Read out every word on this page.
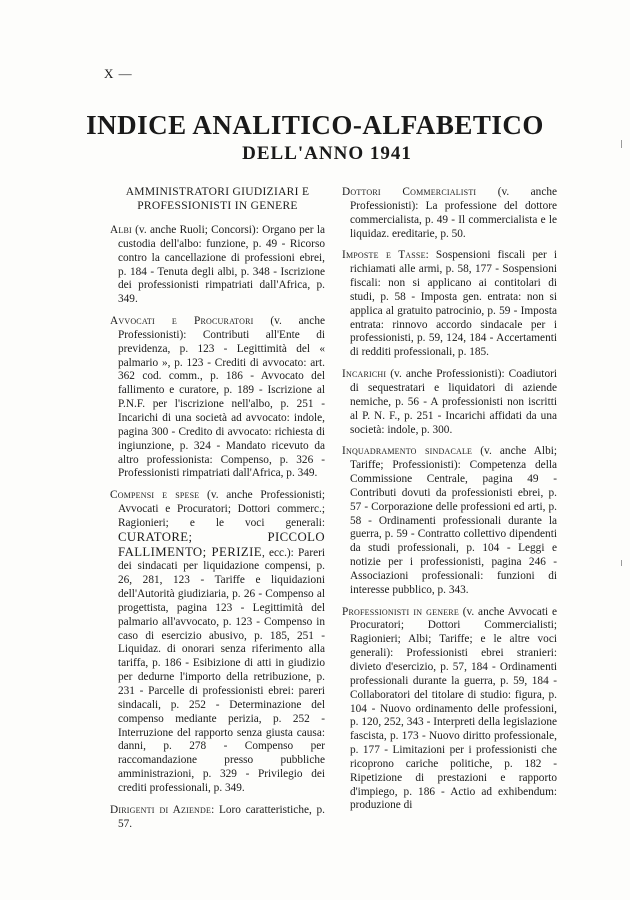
X —
INDICE ANALITICO-ALFABETICO
DELL'ANNO 1941
AMMINISTRATORI GIUDIZIARI E PROFESSIONISTI IN GENERE

Albi (v. anche Ruoli; Concorsi): Organo per la custodia dell'albo: funzione, p. 49 - Ricorso contro la cancellazione di professioni ebrei, p. 184 - Tenuta degli albi, p. 348 - Iscrizione dei professionisti rimpatriati dall'Africa, p. 349.

Avvocati e Procuratori (v. anche Professionisti): Contributi all'Ente di previdenza, p. 123 - Legittimità del « palmario », p. 123 - Crediti di avvocato: art. 362 cod. comm., p. 186 - Avvocato del fallimento e curatore, p. 189 - Iscrizione al P.N.F. per l'iscrizione nell'albo, p. 251 - Incarichi di una società ad avvocato: indole, pagina 300 - Credito di avvocato: richiesta di ingiunzione, p. 324 - Mandato ricevuto da altro professionista: Compenso, p. 326 - Professionisti rimpatriati dall'Africa, p. 349.

Compensi e spese (v. anche Professionisti; Avvocati e Procuratori; Dottori commerc.; Ragionieri; e le voci generali: CURATORE; PICCOLO FALLIMENTO; PERIZIE, ecc.): Pareri dei sindacati per liquidazione compensi, p. 26, 281, 123 - Tariffe e liquidazioni dell'Autorità giudiziaria, p. 26 - Compenso al progettista, pagina 123 - Legittimità del palmario all'avvocato, p. 123 - Compenso in caso di esercizio abusivo, p. 185, 251 - Liquidaz. di onorari senza riferimento alla tariffa, p. 186 - Esibizione di atti in giudizio per dedurne l'importo della retribuzione, p. 231 - Parcelle di professionisti ebrei: pareri sindacali, p. 252 - Determinazione del compenso mediante perizia, p. 252 - Interruzione del rapporto senza giusta causa: danni, p. 278 - Compenso per raccomandazione presso pubbliche amministrazioni, p. 329 - Privilegio dei crediti professionali, p. 349.

Dirigenti di Aziende: Loro caratteristiche, p. 57.

Dottori Commercialisti (v. anche Professionisti): La professione del dottore commercialista, p. 49 - Il commercialista e le liquidaz. ereditarie, p. 50.

Imposte e Tasse: Sospensioni fiscali per i richiamati alle armi, p. 58, 177 - Sospensioni fiscali: non si applicano ai contitolari di studi, p. 58 - Imposta gen. entrata: non si applica al gratuito patrocinio, p. 59 - Imposta entrata: rinnovo accordo sindacale per i professionisti, p. 59, 124, 184 - Accertamenti di redditi professionali, p. 185.

Incarichi (v. anche Professionisti): Coadiutori di sequestratari e liquidatori di aziende nemiche, p. 56 - A professionisti non iscritti al P. N. F., p. 251 - Incarichi affidati da una società: indole, p. 300.

Inquadramento sindacale (v. anche Albi; Tariffe; Professionisti): Competenza della Commissione Centrale, pagina 49 - Contributi dovuti da professionisti ebrei, p. 57 - Corporazione delle professioni ed arti, p. 58 - Ordinamenti professionali durante la guerra, p. 59 - Contratto collettivo dipendenti da studi professionali, p. 104 - Leggi e notizie per i professionisti, pagina 246 - Associazioni professionali: funzioni di interesse pubblico, p. 343.

Professionisti in genere (v. anche Avvocati e Procuratori; Dottori Commercialisti; Ragionieri; Albi; Tariffe; e le altre voci generali): Professionisti ebrei stranieri: divieto d'esercizio, p. 57, 184 - Ordinamenti professionali durante la guerra, p. 59, 184 - Collaboratori del titolare di studio: figura, p. 104 - Nuovo ordinamento delle professioni, p. 120, 252, 343 - Interpreti della legislazione fascista, p. 173 - Nuovo diritto professionale, p. 177 - Limitazioni per i professionisti che ricoprono cariche politiche, p. 182 - Ripetizione di prestazioni e rapporto d'impiego, p. 186 - Actio ad exhibendum: produzione di
